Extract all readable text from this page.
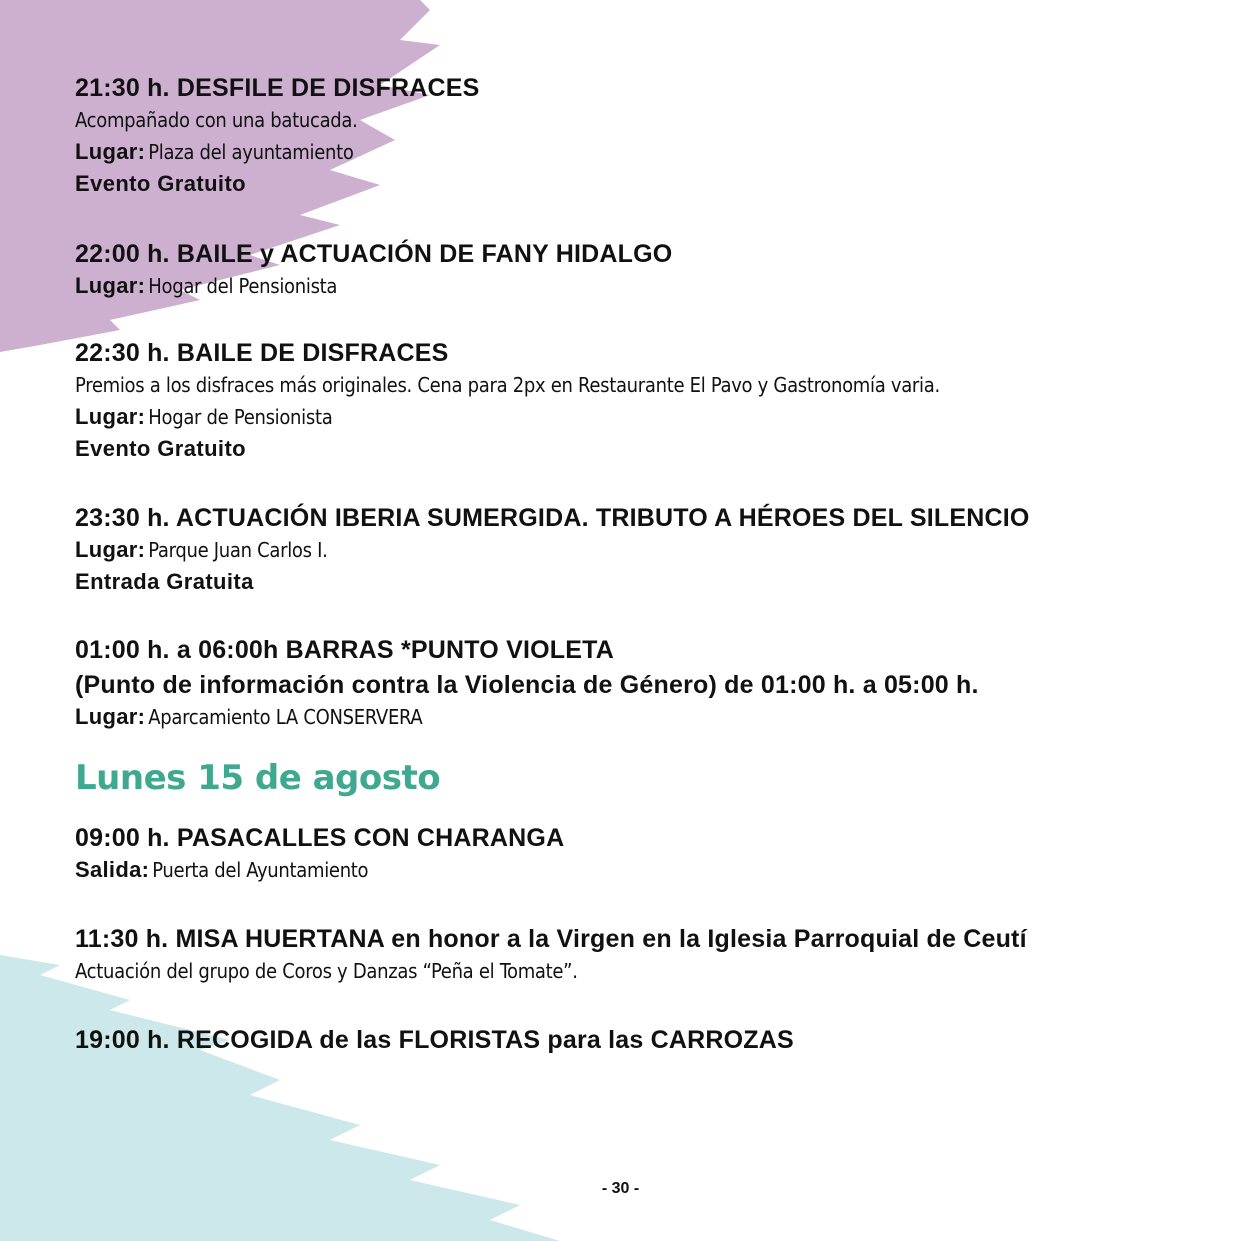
21:30 h. DESFILE DE DISFRACES
Acompañado con una batucada.
Lugar: Plaza del ayuntamiento
Evento Gratuito
22:00 h. BAILE y ACTUACIÓN DE FANY HIDALGO
Lugar: Hogar del Pensionista
22:30 h. BAILE DE DISFRACES
Premios a los disfraces más originales. Cena para 2px en Restaurante El Pavo y Gastronomía varia.
Lugar: Hogar de Pensionista
Evento Gratuito
23:30 h. ACTUACIÓN IBERIA SUMERGIDA. TRIBUTO A HÉROES DEL SILENCIO
Lugar: Parque Juan Carlos I.
Entrada Gratuita
01:00 h. a 06:00h BARRAS *PUNTO VIOLETA
(Punto de información contra la Violencia de Género) de 01:00 h. a 05:00 h.
Lugar: Aparcamiento LA CONSERVERA
Lunes 15 de agosto
09:00 h. PASACALLES CON CHARANGA
Salida: Puerta del Ayuntamiento
11:30 h. MISA HUERTANA en honor a la Virgen en la Iglesia Parroquial de Ceutí
Actuación del grupo de Coros y Danzas “Peña el Tomate”.
19:00 h. RECOGIDA de las FLORISTAS para las CARROZAS
- 30 -
